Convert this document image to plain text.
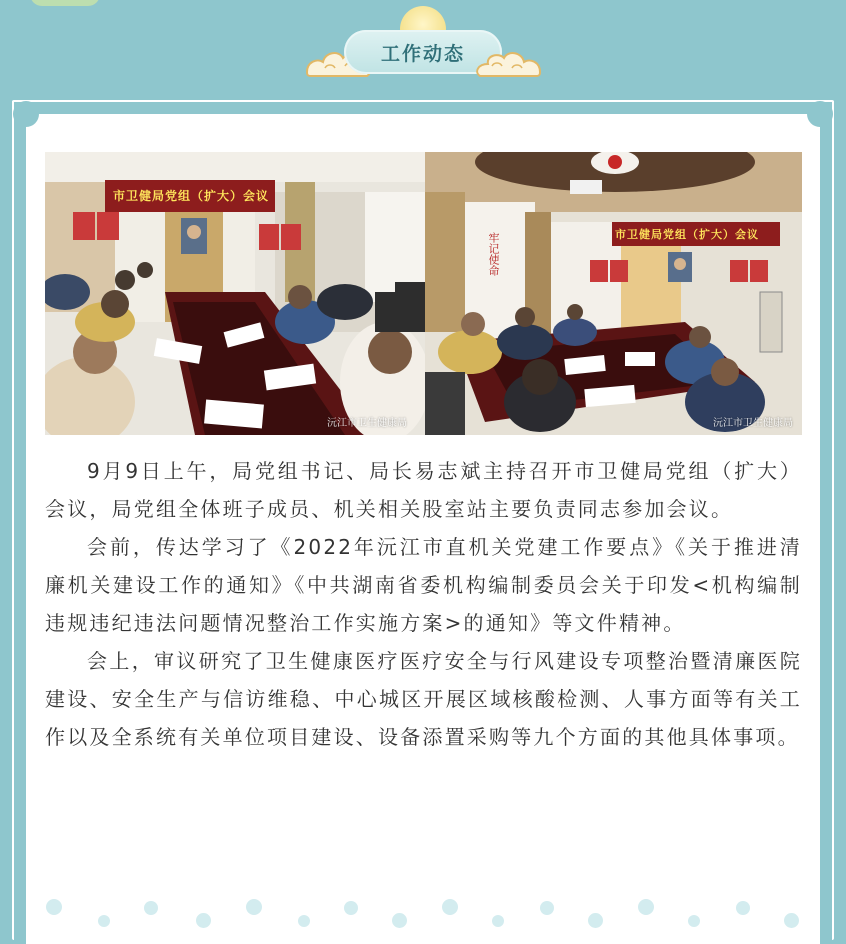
工作动态
市卫健局党组（扩大）会议
沅江市卫生健康局
牢记使命	市卫健局党组（扩大）会议
沅江市卫生健康局

9月9日上午，局党组书记、局长易志斌主持召开市卫健局党组（扩大）会议，局党组全体班子成员、机关相关股室站主要负责同志参加会议。

会前，传达学习了《2022年沅江市直机关党建工作要点》《关于推进清廉机关建设工作的通知》《中共湖南省委机构编制委员会关于印发<机构编制违规违纪违法问题情况整治工作实施方案>的通知》等文件精神。

会上，审议研究了卫生健康医疗医疗安全与行风建设专项整治暨清廉医院建设、安全生产与信访维稳、中心城区开展区域核酸检测、人事方面等有关工作以及全系统有关单位项目建设、设备添置采购等九个方面的其他具体事项。
